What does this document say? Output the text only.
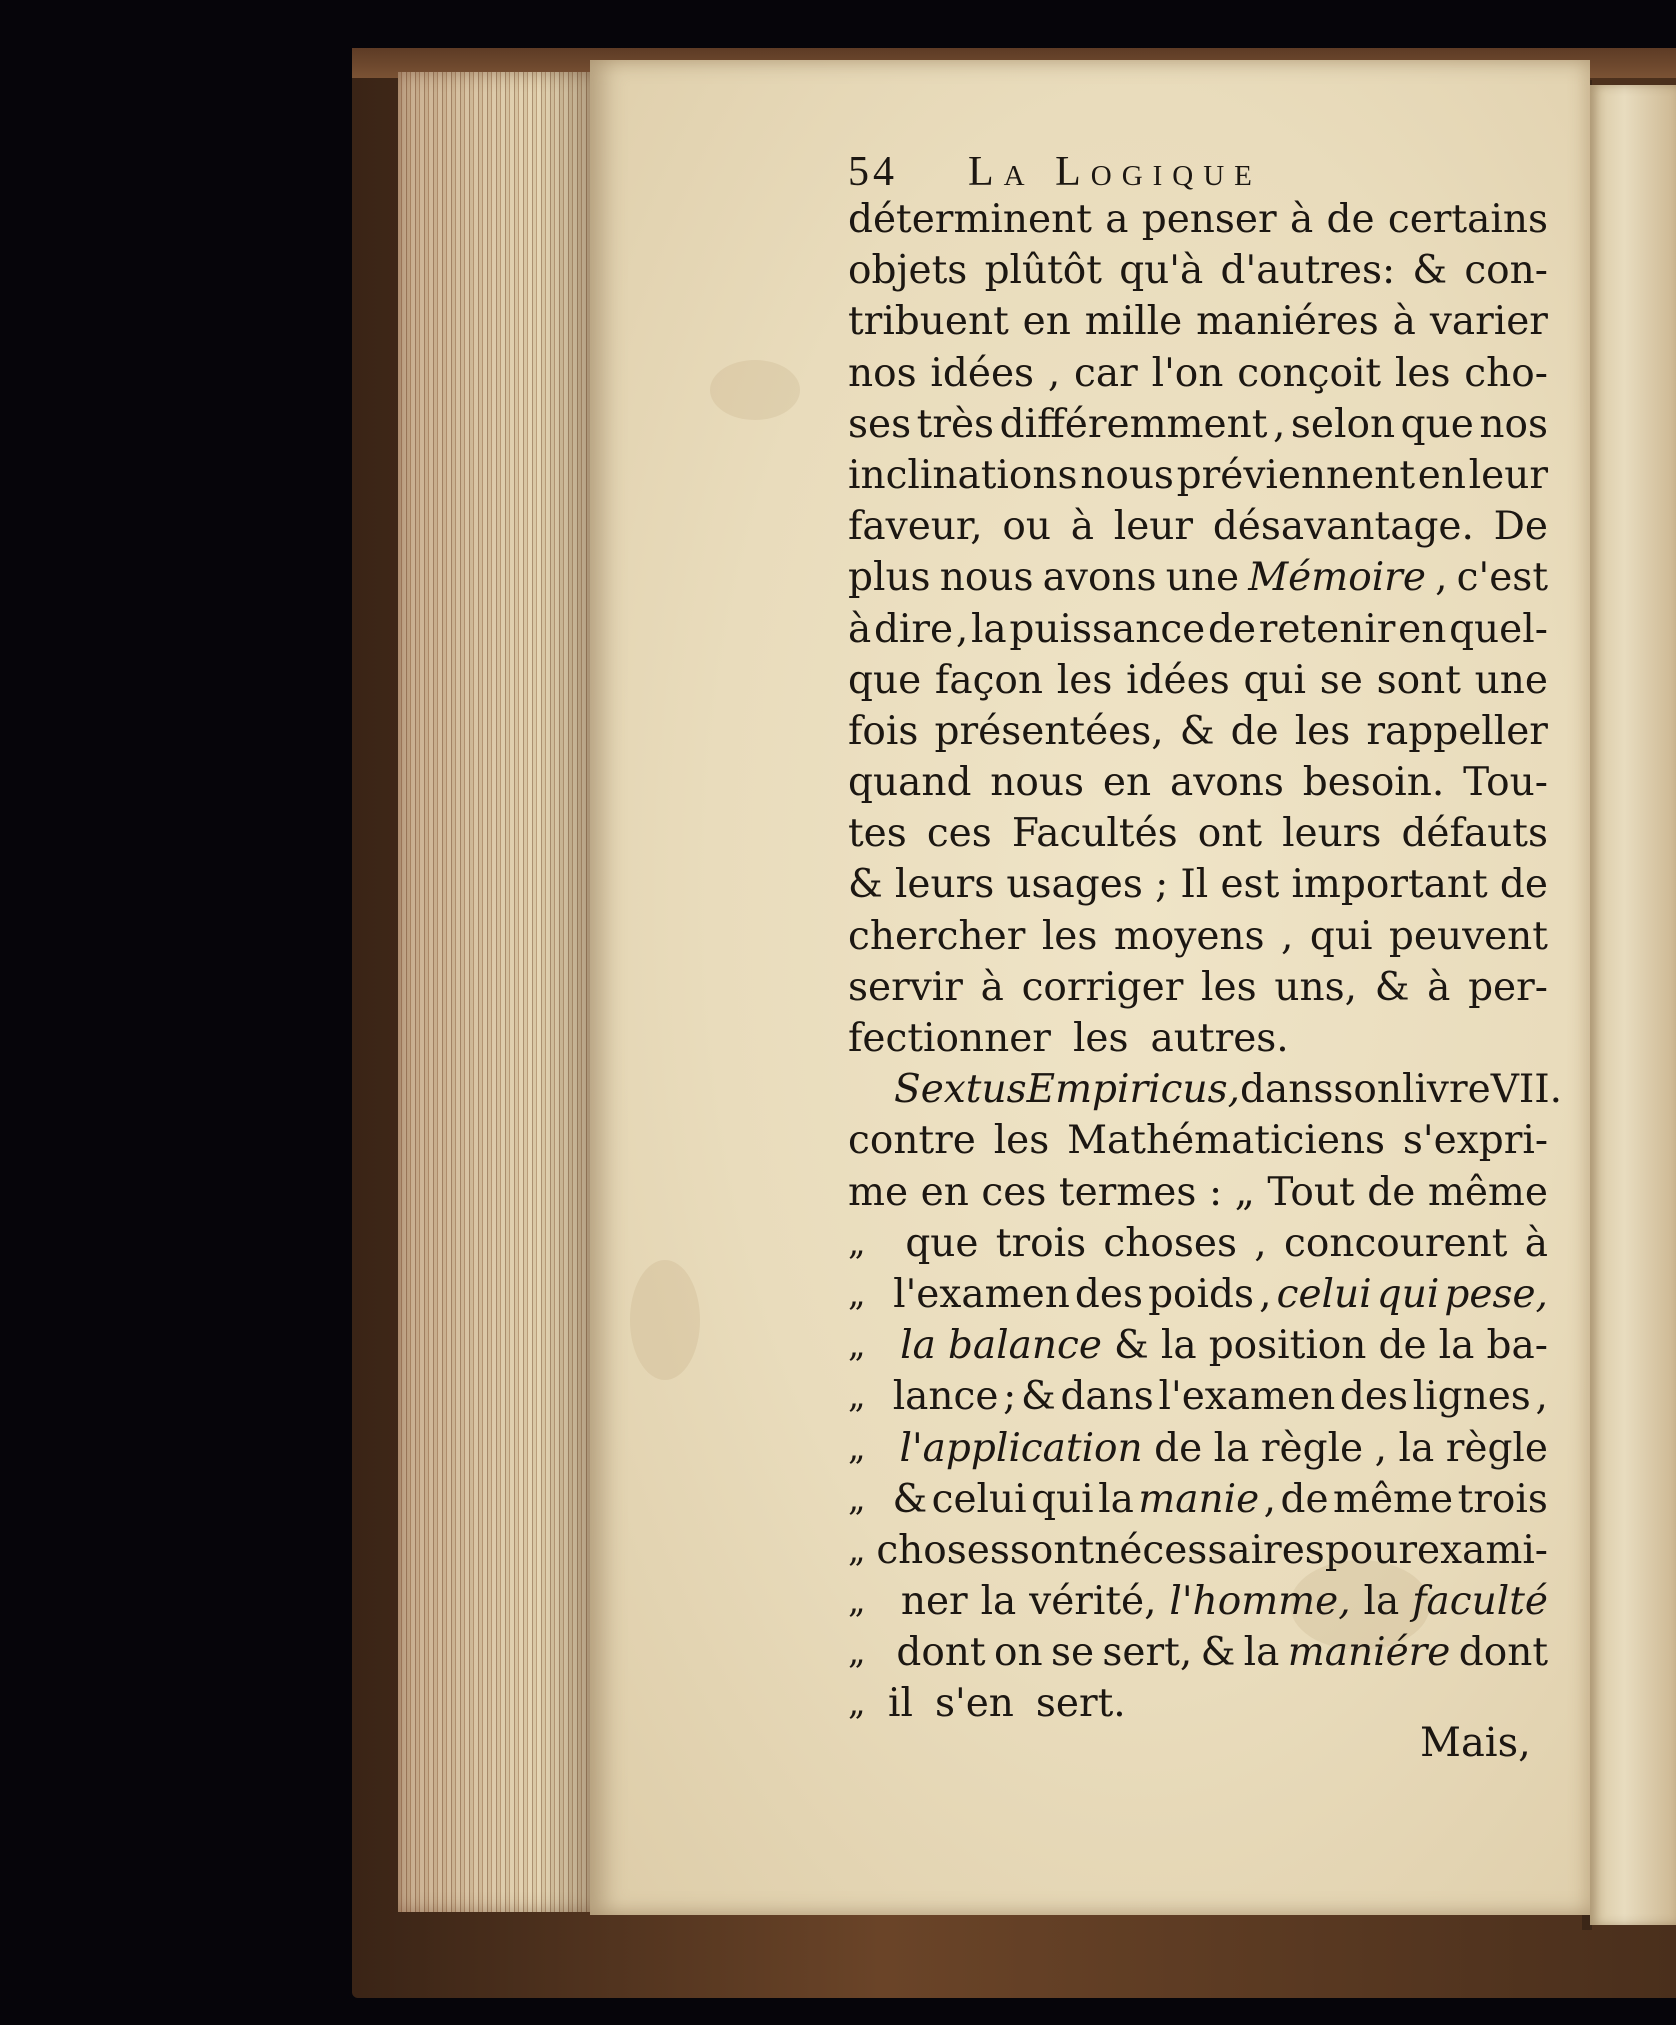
54	La Logique
déterminent a penser à de certains
objets plûtôt qu'à d'autres: & con-
tribuent en mille maniéres à varier
nos idées , car l'on conçoit les cho-
ses très différemment , selon que nos
inclinations nous préviennent en leur
faveur, ou à leur désavantage. De
plus nous avons une Mémoire , c'est
à dire , la puissance de retenir en quel-
que façon les idées qui se sont une
fois présentées, & de les rappeller
quand nous en avons besoin. Tou-
tes ces Facultés ont leurs défauts
& leurs usages ; Il est important de
chercher les moyens , qui peuvent
servir à corriger les uns, & à per-
fectionner les autres.
Sextus Empiricus, dans son livre VII.
contre les Mathématiciens s'expri-
me en ces termes : „ Tout de même
„	que trois choses , concourent à
„ l'examen des poids , celui qui pese,
„ la balance & la position de la ba-
„ lance ; & dans l'examen des lignes ,
„ l'application de la règle , la règle
„ & celui qui la manie , de même trois
„ choses sont nécessaires pour exami-
„ ner la vérité, l'homme, la faculté
„ dont on se sert, & la maniére dont
„ il s'en sert.
Mais,
